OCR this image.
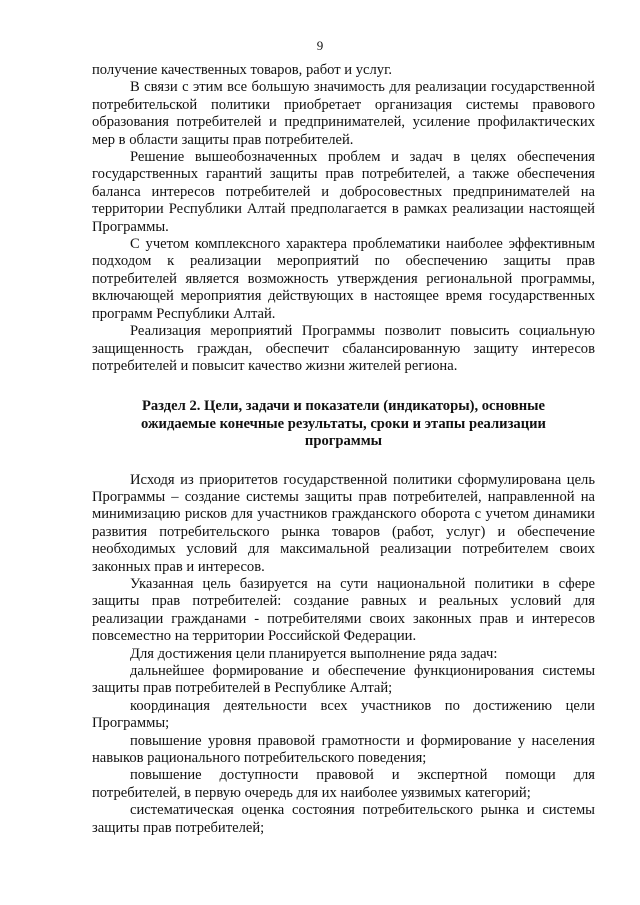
9

получение качественных товаров, работ и услуг.

В связи с этим все большую значимость для реализации государственной потребительской политики приобретает организация системы правового образования потребителей и предпринимателей, усиление профилактических мер в области защиты прав потребителей.

Решение вышеобозначенных проблем и задач в целях обеспечения государственных гарантий защиты прав потребителей, а также обеспечения баланса интересов потребителей и добросовестных предпринимателей на территории Республики Алтай предполагается в рамках реализации настоящей Программы.

С учетом комплексного характера проблематики наиболее эффективным подходом к реализации мероприятий по обеспечению защиты прав потребителей является возможность утверждения региональной программы, включающей мероприятия действующих в настоящее время государственных программ Республики Алтай.

Реализация мероприятий Программы позволит повысить социальную защищенность граждан, обеспечит сбалансированную защиту интересов потребителей и повысит качество жизни жителей региона.

Раздел 2. Цели, задачи и показатели (индикаторы), основные ожидаемые конечные результаты, сроки и этапы реализации программы

Исходя из приоритетов государственной политики сформулирована цель Программы – создание системы защиты прав потребителей, направленной на минимизацию рисков для участников гражданского оборота с учетом динамики развития потребительского рынка товаров (работ, услуг) и обеспечение необходимых условий для максимальной реализации потребителем своих законных прав и интересов.

Указанная цель базируется на сути национальной политики в сфере защиты прав потребителей: создание равных и реальных условий для реализации гражданами - потребителями своих законных прав и интересов повсеместно на территории Российской Федерации.

Для достижения цели планируется выполнение ряда задач:

дальнейшее формирование и обеспечение функционирования системы защиты прав потребителей в Республике Алтай;

координация деятельности всех участников по достижению цели Программы;

повышение уровня правовой грамотности и формирование у населения навыков рационального потребительского поведения;

повышение доступности правовой и экспертной помощи для потребителей, в первую очередь для их наиболее уязвимых категорий;

систематическая оценка состояния потребительского рынка и системы защиты прав потребителей;
